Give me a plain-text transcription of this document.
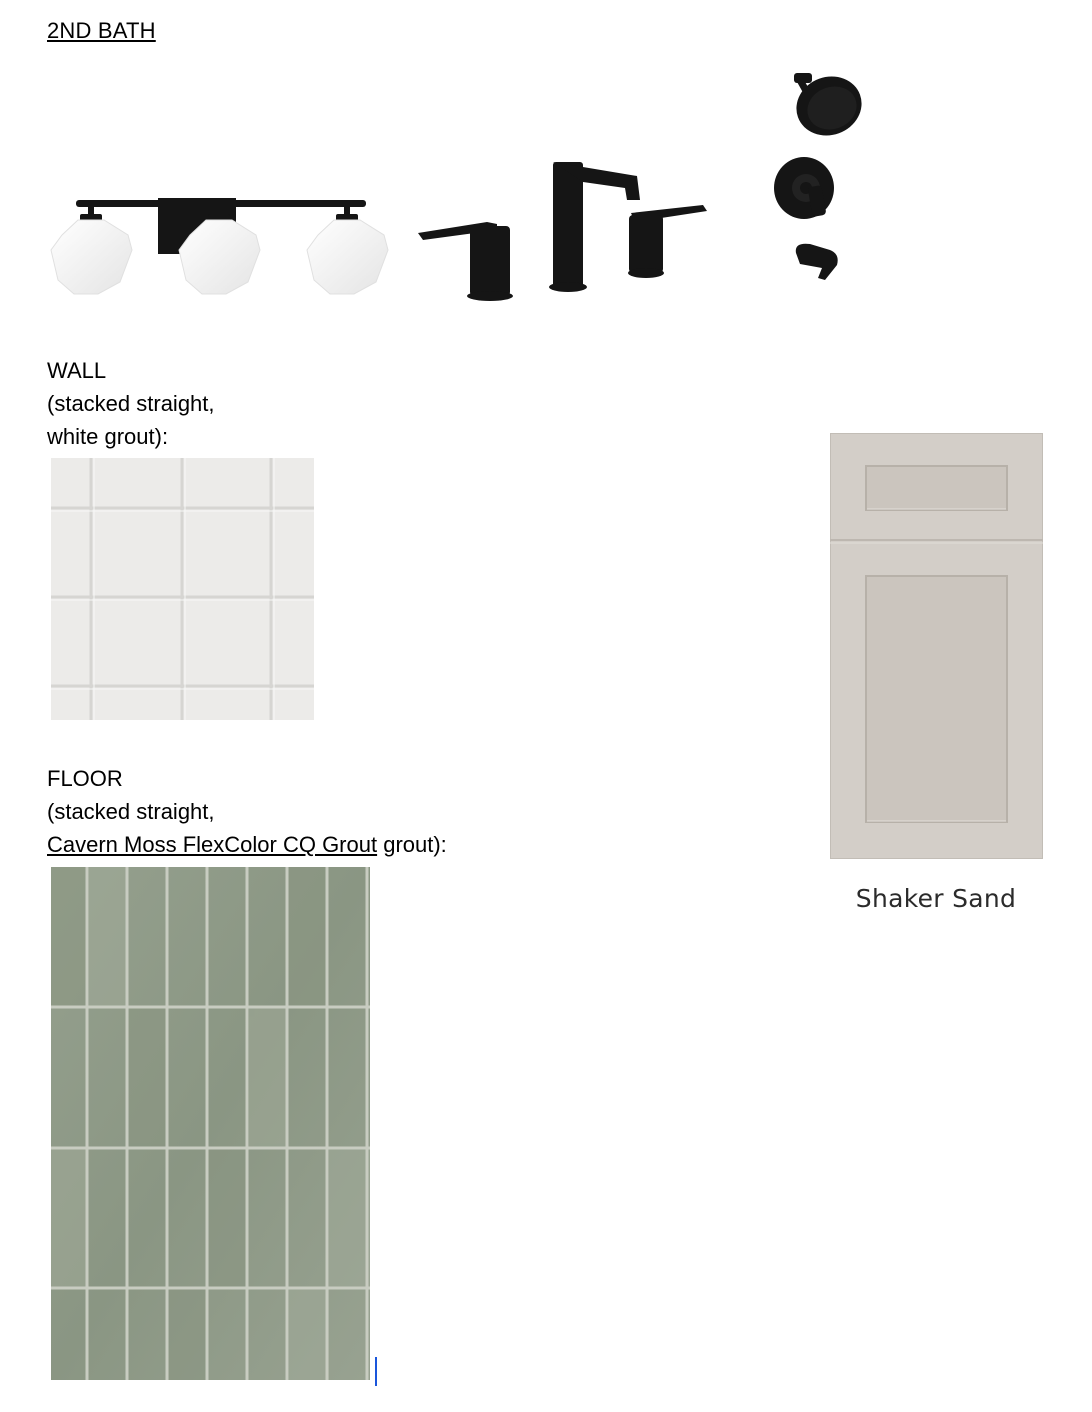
2ND BATH
WALL
(stacked straight,
white grout):
FLOOR
(stacked straight,
Cavern Moss FlexColor CQ Grout grout):
Shaker Sand
